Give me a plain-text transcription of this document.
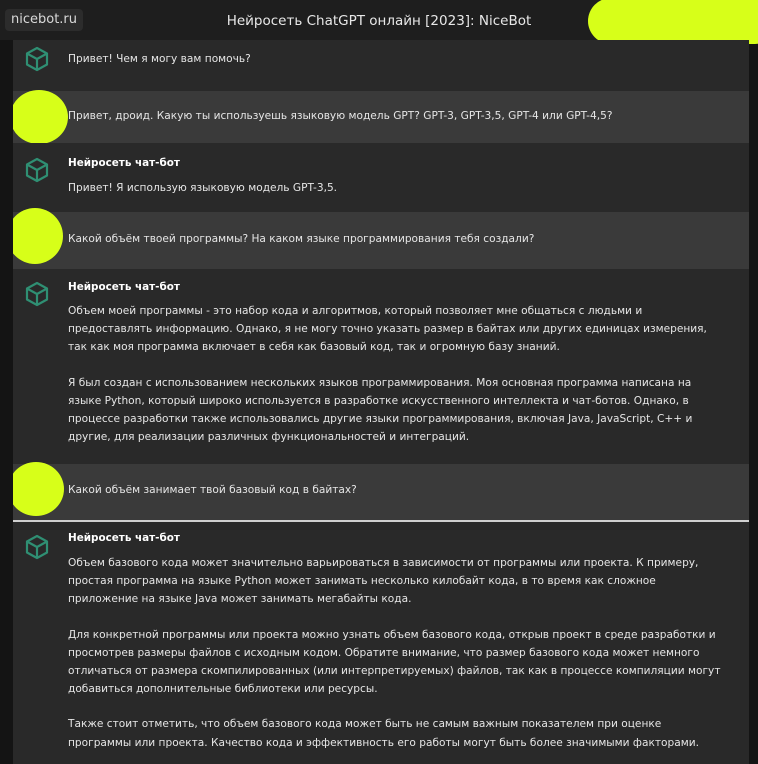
nicebot.ru	Нейросеть ChatGPT онлайн [2023]: NiceBot
Привет! Чем я могу вам помочь?
Привет, дроид. Какую ты используешь языковую модель GPT? GPT-3, GPT-3,5, GPT-4 или GPT-4,5?
Нейросеть чат-бот
Привет! Я использую языковую модель GPT-3,5.
Какой объём твоей программы? На каком языке программирования тебя создали?
Нейросеть чат-бот

Объем моей программы - это набор кода и алгоритмов, который позволяет мне общаться с людьми и предоставлять информацию. Однако, я не могу точно указать размер в байтах или других единицах измерения, так как моя программа включает в себя как базовый код, так и огромную базу знаний.

Я был создан с использованием нескольких языков программирования. Моя основная программа написана на языке Python, который широко используется в разработке искусственного интеллекта и чат-ботов. Однако, в процессе разработки также использовались другие языки программирования, включая Java, JavaScript, C++ и другие, для реализации различных функциональностей и интеграций.

Какой объём занимает твой базовый код в байтах?
Нейросеть чат-бот

Объем базового кода может значительно варьироваться в зависимости от программы или проекта. К примеру, простая программа на языке Python может занимать несколько килобайт кода, в то время как сложное приложение на языке Java может занимать мегабайты кода.

Для конкретной программы или проекта можно узнать объем базового кода, открыв проект в среде разработки и просмотрев размеры файлов с исходным кодом. Обратите внимание, что размер базового кода может немного отличаться от размера скомпилированных (или интерпретируемых) файлов, так как в процессе компиляции могут добавиться дополнительные библиотеки или ресурсы.

Также стоит отметить, что объем базового кода может быть не самым важным показателем при оценке программы или проекта. Качество кода и эффективность его работы могут быть более значимыми факторами.
